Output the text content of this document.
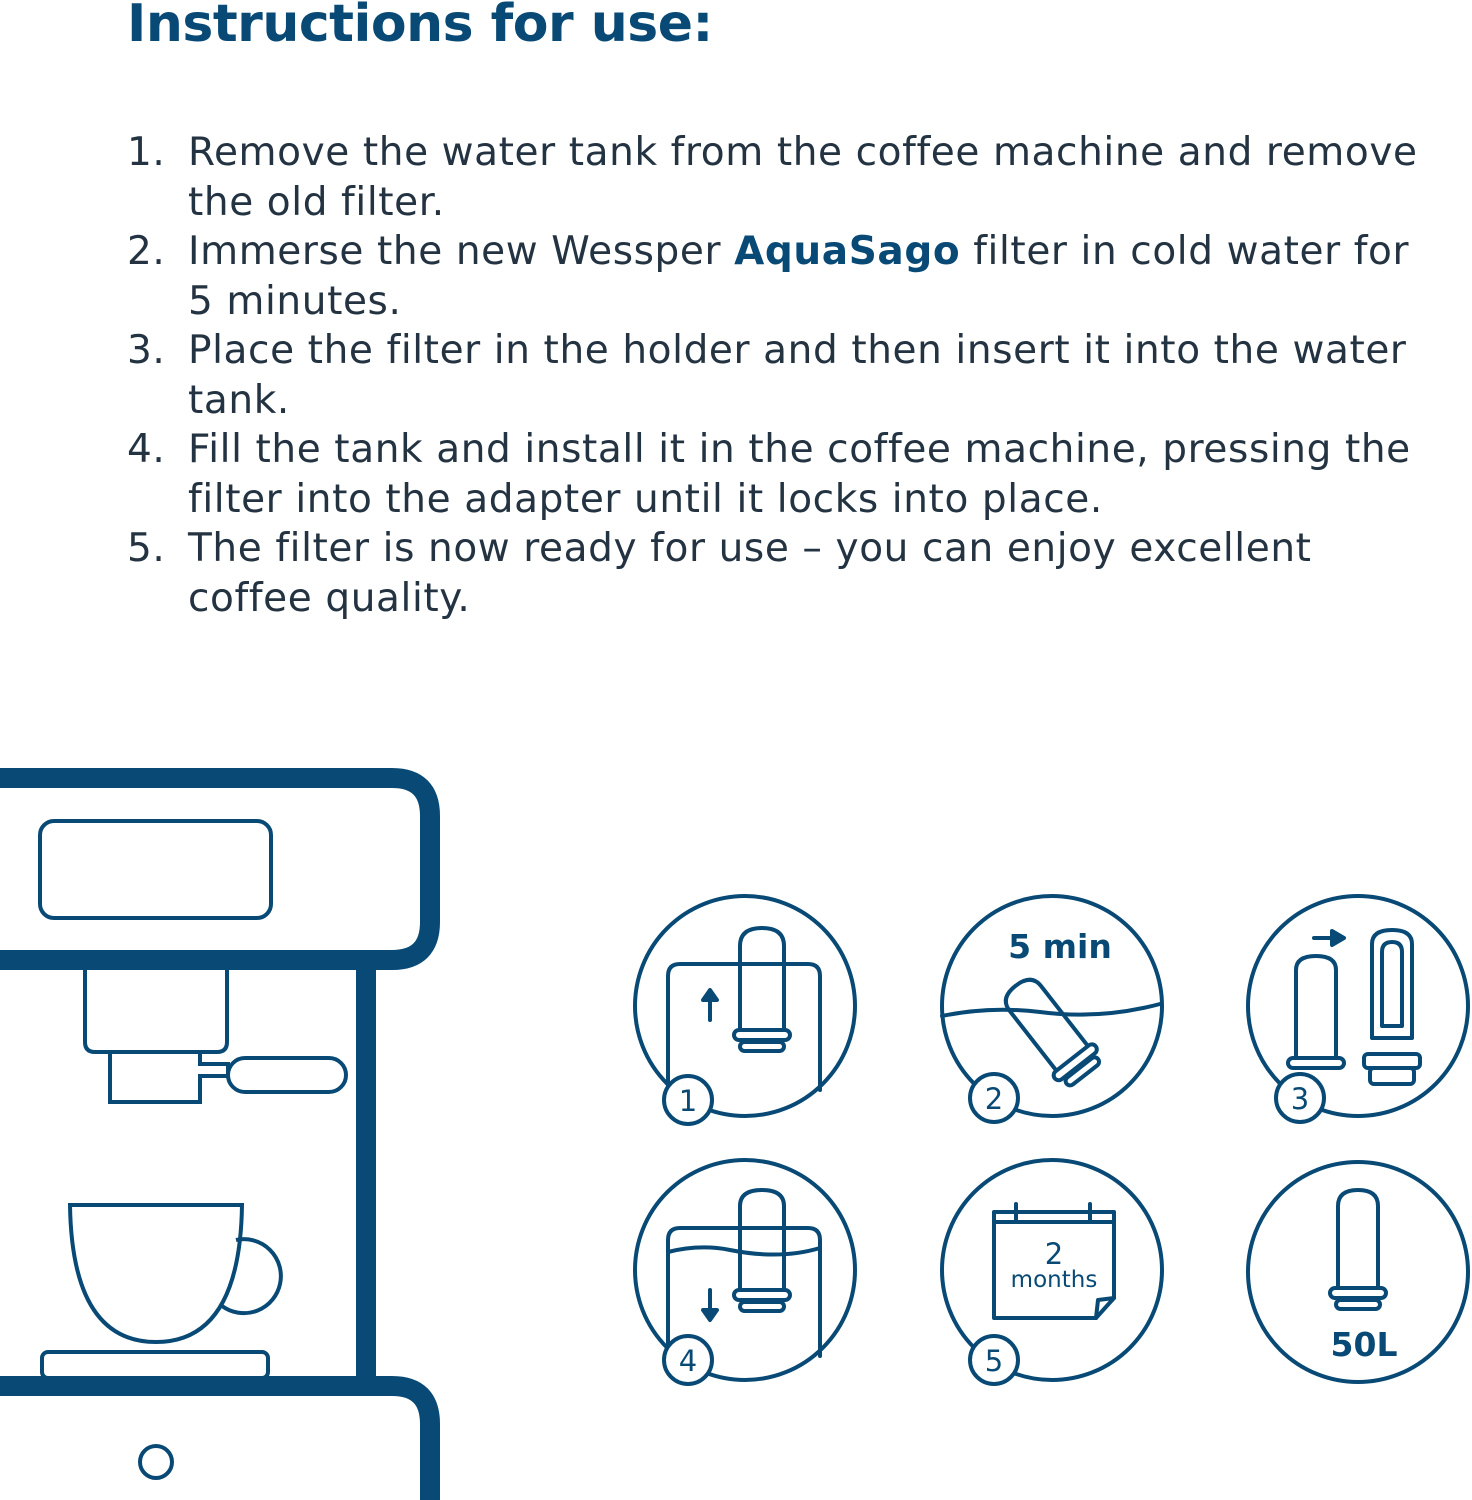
Instructions for use:
1. Remove the water tank from the coffee machine and remove the old filter.
2. Immerse the new Wessper AquaSago filter in cold water for 5 minutes.
3. Place the filter in the holder and then insert it into the water tank.
4. Fill the tank and install it in the coffee machine, pressing the filter into the adapter until it locks into place.
5. The filter is now ready for use – you can enjoy excellent coffee quality.
1
5 min
2	3
4
2
months
5	50L
